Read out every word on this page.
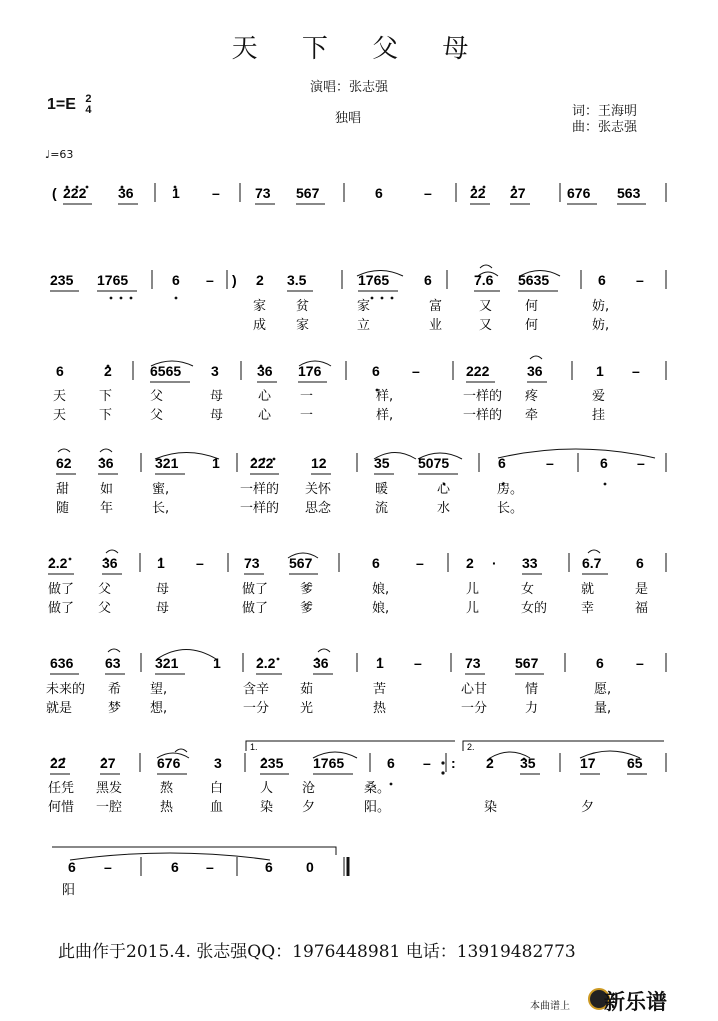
天 下 父 母
演唱：张志强
独唱	词：王海明
曲：张志强
1=E 2
4
♩=63
1.	2.
( 222 36	1 –	73 567	6	–	22 27	676 563
235 1765	6 – ) 2 3.5	1765 6	7.6 5635	6 –
家 贫	家	富	又	何	妨,
成 家	立	业	又	何	妨,
6	2	6565 3	36 176	6 –	222	36	1 –
天	下	父	母	心 一	样,	一样的 疼	爱
天	下	父	母	心 一	样,	一样的 牵	挂
62 36	321 1 222	12	35 5075	6	–	6 –
甜 如	蜜,	一样的 关怀	暖	心	房。
随 年	长,	一样的 思念	流	水	长。
2.2 36	1 –	73 567	6	–	2 · 33	6.7 6
做了 父	母	做了 爹	娘,	儿	女	就	是
做了 父	母	做了 爹	娘,	儿	女的	幸	福
636 63 321 1	2.2	36	1 –	73 567	6 –
未来的 希 望,	含辛 茹	苦	心甘	情	愿,
就是	梦 想,	一分 光	热	一分	力	量,
22 27	676 3	235 1765	6 – : 2 35	17 65
任凭 黑发	熬	白	人 沧	桑。
何惜 一腔	热	血	染 夕	阳。	染	夕
6 –	6 –	6 0
阳
此曲作于2015.4. 张志强QQ：1976448981 电话：13919482773
本曲谱上 新乐谱
